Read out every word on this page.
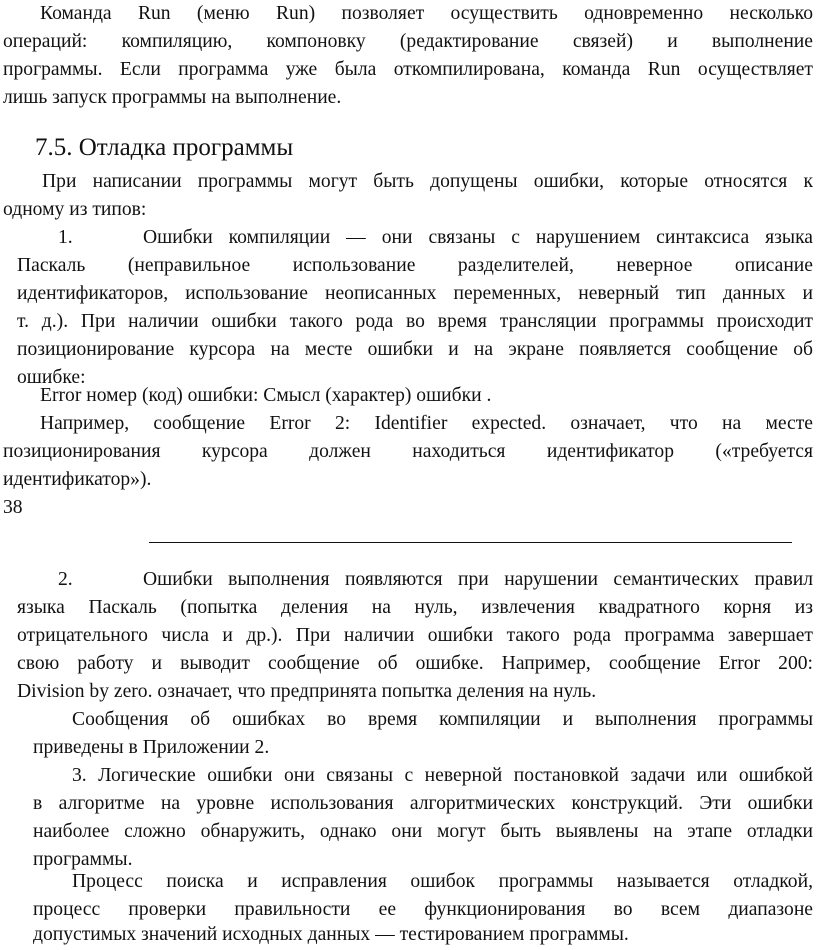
Команда Run (меню Run) позволяет осуществить одновременно несколько

операций: компиляцию, компоновку (редактирование связей) и выполнение

программы. Если программа уже была откомпилирована, команда Run осуществляет

лишь запуск программы на выполнение.

7.5. Отладка программы

При написании программы могут быть допущены ошибки, которые относятся к

одному из типов:

1.	Ошибки компиляции — они связаны с нарушением синтаксиса языка

Паскаль (неправильное использование разделителей, неверное описание

идентификаторов, использование неописанных переменных, неверный тип данных и

т. д.). При наличии ошибки такого рода во время трансляции программы происходит

позиционирование курсора на месте ошибки и на экране появляется сообщение об

ошибке:

Error номер (код) ошибки: Смысл (характер) ошибки .

Например, сообщение Error 2: Identifier expected. означает, что на месте

позиционирования курсора должен находиться идентификатор («требуется

идентификатор»).

38
2.	Ошибки выполнения появляются при нарушении семантических правил

языка Паскаль (попытка деления на нуль, извлечения квадратного корня из

отрицательного числа и др.). При наличии ошибки такого рода программа завершает

свою работу и выводит сообщение об ошибке. Например, сообщение Error 200:

Division by zero. означает, что предпринята попытка деления на нуль.

Сообщения об ошибках во время компиляции и выполнения программы

приведены в Приложении 2.

3. Логические ошибки они связаны с неверной постановкой задачи или ошибкой

в алгоритме на уровне использования алгоритмических конструкций. Эти ошибки

наиболее сложно обнаружить, однако они могут быть выявлены на этапе отладки

программы.

Процесс поиска и исправления ошибок программы называется отладкой,

процесс проверки правильности ее функционирования во всем диапазоне

допустимых значений исходных данных — тестированием программы.
